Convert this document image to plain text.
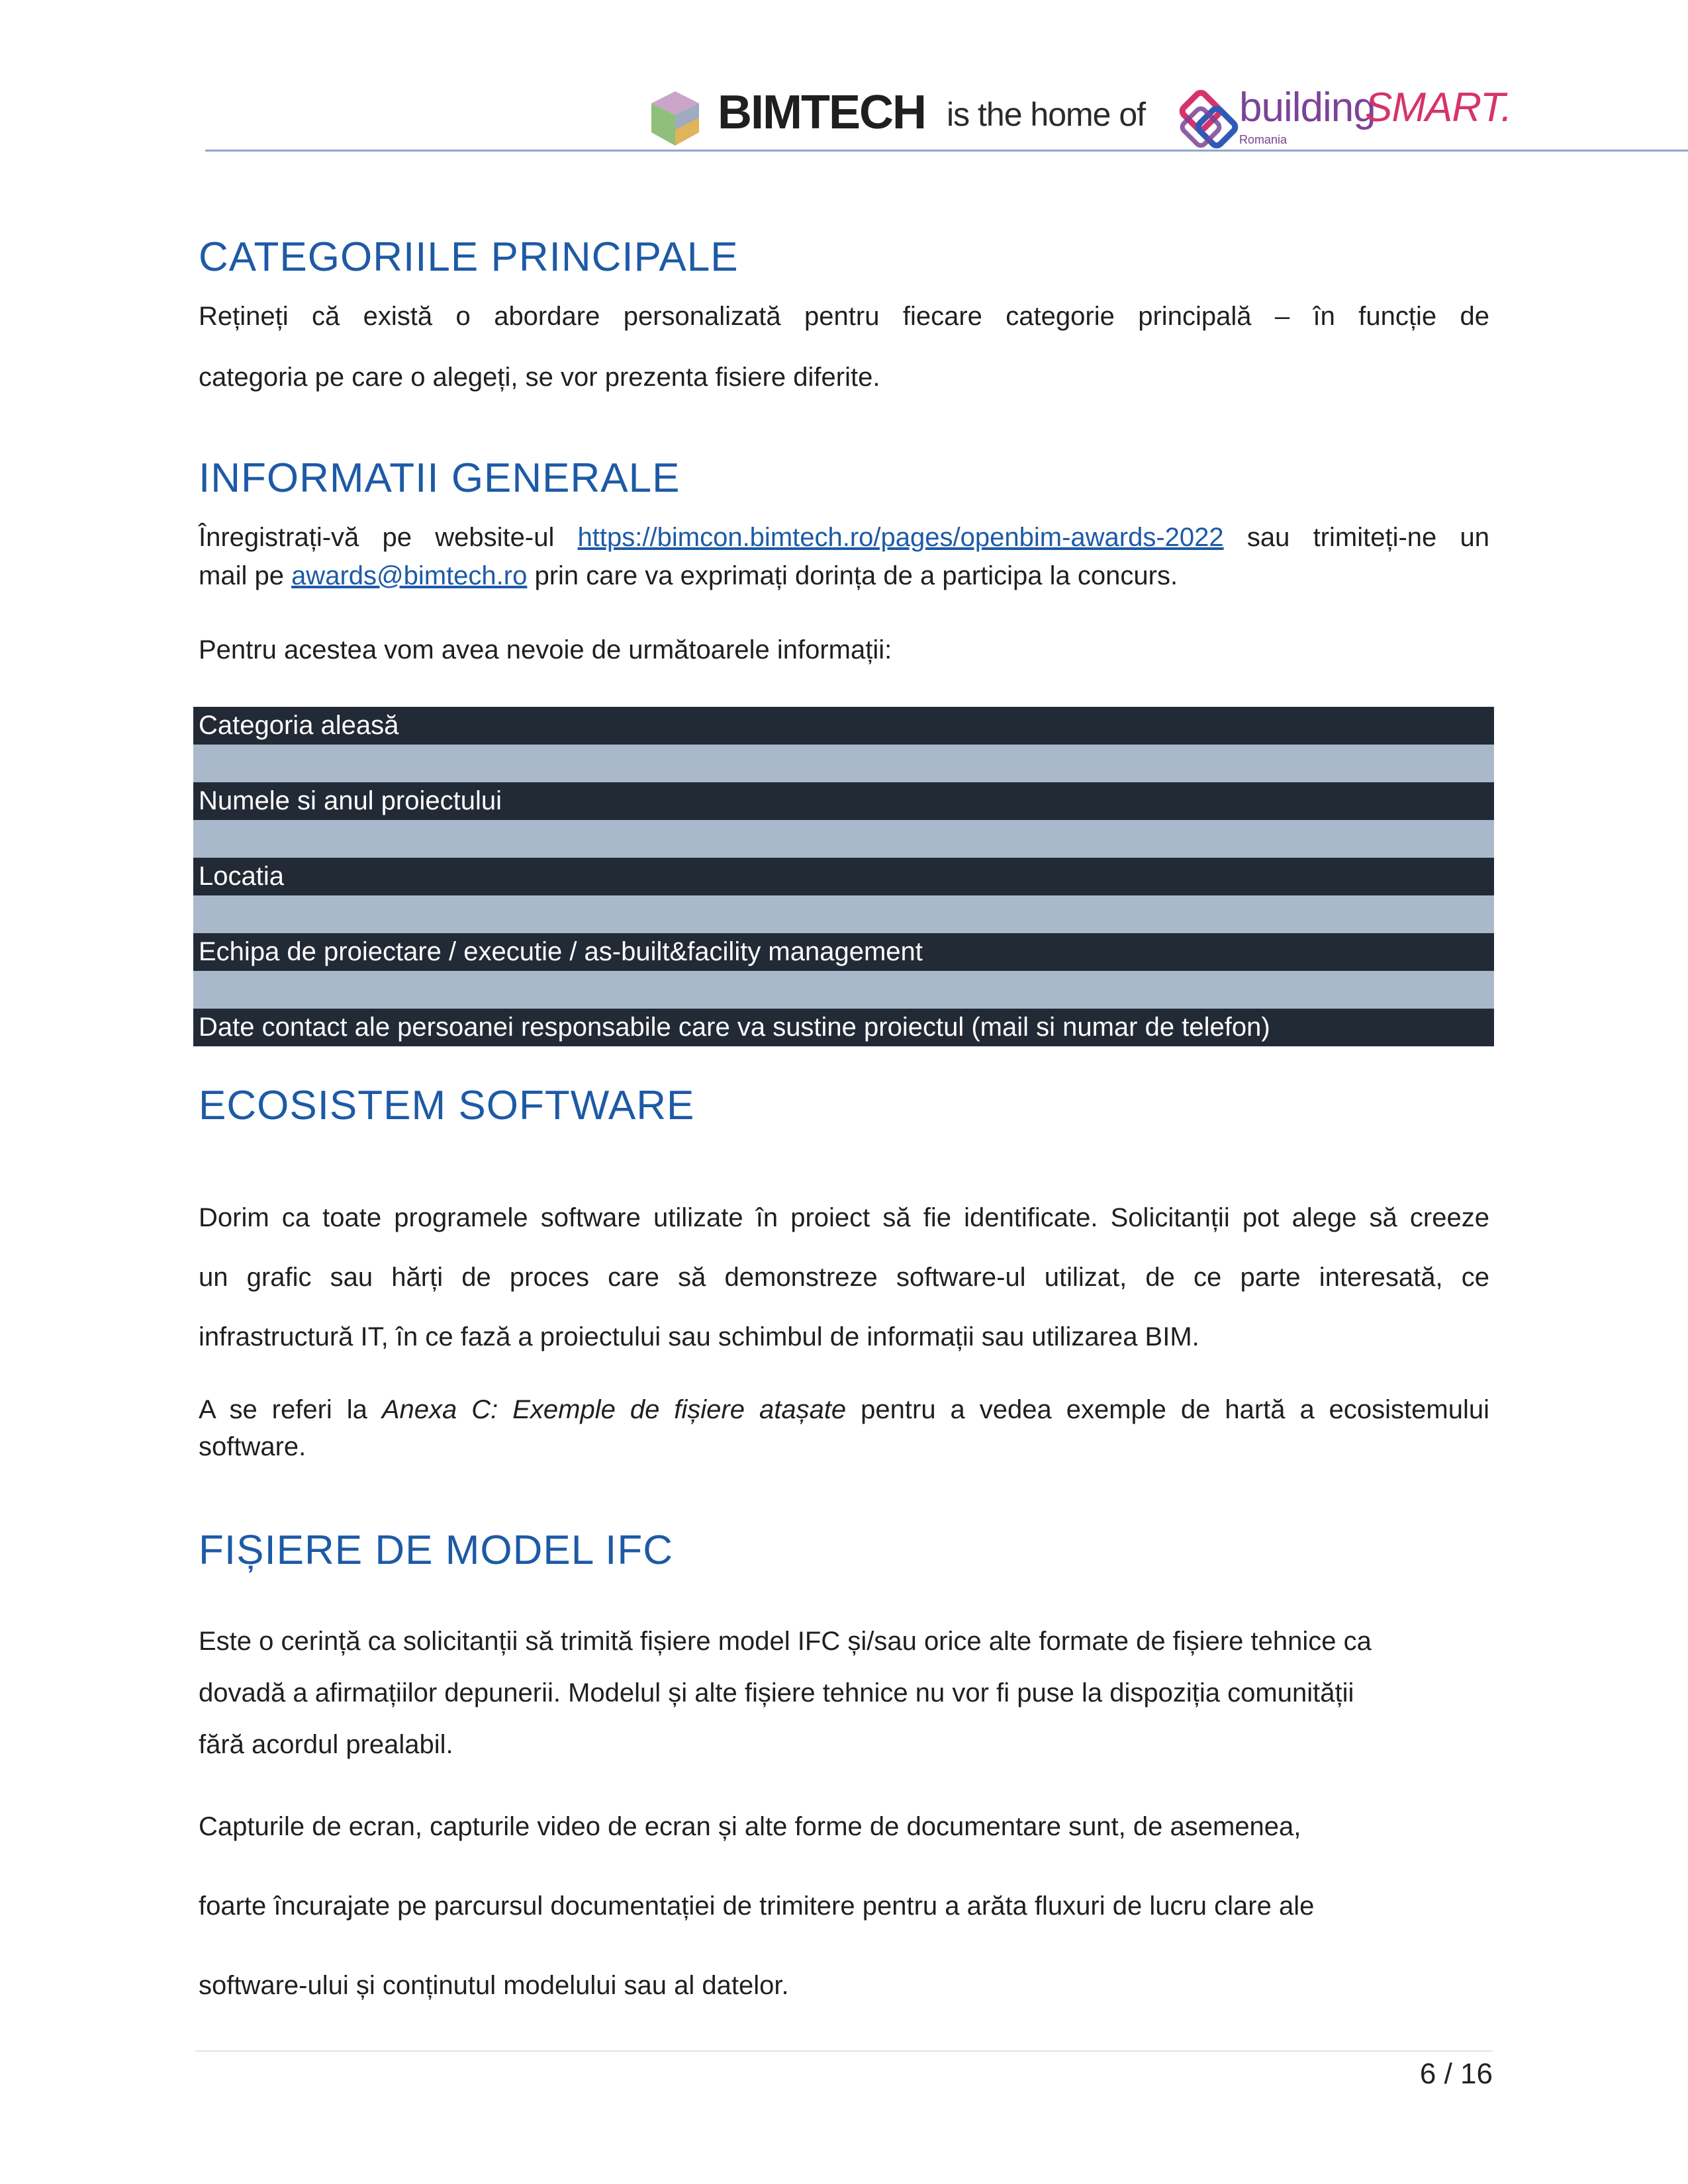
BIMTECH is the home of building
SMART.
Romania
CATEGORIILE PRINCIPALE
Rețineți că există o abordare personalizată pentru fiecare categorie principală – în funcție de
categoria pe care o alegeți, se vor prezenta fisiere diferite.
INFORMATII GENERALE
Înregistrați-vă pe website-ul https://bimcon.bimtech.ro/pages/openbim-awards-2022 sau trimiteți-ne un
mail pe awards@bimtech.ro prin care va exprimați dorința de a participa la concurs.
Pentru acestea vom avea nevoie de următoarele informații:
Categoria aleasă
Numele si anul proiectului
Locatia
Echipa de proiectare / executie / as-built&facility management
Date contact ale persoanei responsabile care va sustine proiectul (mail si numar de telefon)
ECOSISTEM SOFTWARE
Dorim ca toate programele software utilizate în proiect să fie identificate. Solicitanții pot alege să creeze
un grafic sau hărți de proces care să demonstreze software-ul utilizat, de ce parte interesată, ce
infrastructură IT, în ce fază a proiectului sau schimbul de informații sau utilizarea BIM.
A se referi la Anexa C: Exemple de fișiere atașate pentru a vedea exemple de hartă a ecosistemului
software.
FIȘIERE DE MODEL IFC
Este o cerință ca solicitanții să trimită fișiere model IFC și/sau orice alte formate de fișiere tehnice ca
dovadă a afirmațiilor depunerii. Modelul și alte fișiere tehnice nu vor fi puse la dispoziția comunității
fără acordul prealabil.
Capturile de ecran, capturile video de ecran și alte forme de documentare sunt, de asemenea,
foarte încurajate pe parcursul documentației de trimitere pentru a arăta fluxuri de lucru clare ale
software-ului și conținutul modelului sau al datelor.
6 / 16
